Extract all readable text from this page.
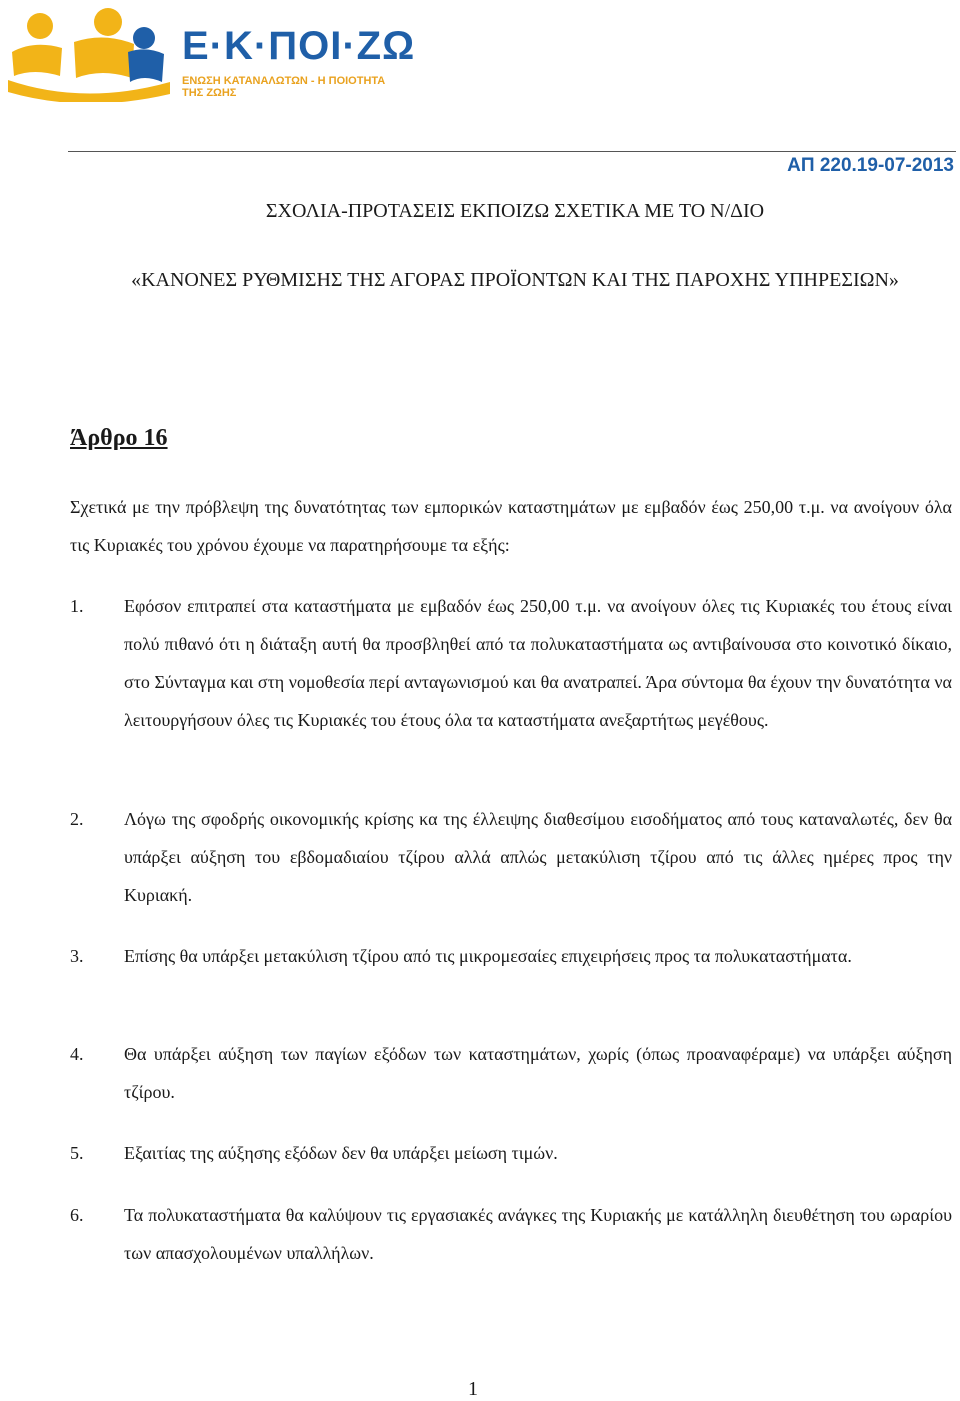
Ε·Κ·ΠΟΙ·ΖΩ
ΕΝΩΣΗ ΚΑΤΑΝΑΛΩΤΩΝ - Η ΠΟΙΟΤΗΤΑ ΤΗΣ ΖΩΗΣ
ΑΠ 220.19-07-2013
ΣΧΟΛΙΑ-ΠΡΟΤΑΣΕΙΣ ΕΚΠΟΙΖΩ ΣΧΕΤΙΚΑ ΜΕ ΤΟ Ν/ΔΙΟ
«ΚΑΝΟΝΕΣ ΡΥΘΜΙΣΗΣ ΤΗΣ ΑΓΟΡΑΣ ΠΡΟΪΟΝΤΩΝ ΚΑΙ ΤΗΣ ΠΑΡΟΧΗΣ ΥΠΗΡΕΣΙΩΝ»
Άρθρο 16
Σχετικά με την πρόβλεψη της δυνατότητας των εμπορικών καταστημάτων με εμβαδόν έως 250,00 τ.μ. να ανοίγουν όλα τις Κυριακές του χρόνου έχουμε να παρατηρήσουμε τα εξής:
1. Εφόσον επιτραπεί στα καταστήματα με εμβαδόν έως 250,00 τ.μ. να ανοίγουν όλες τις Κυριακές του έτους είναι πολύ πιθανό ότι η διάταξη αυτή θα προσβληθεί από τα πολυκαταστήματα ως αντιβαίνουσα στο κοινοτικό δίκαιο, στο Σύνταγμα και στη νομοθεσία περί ανταγωνισμού και θα ανατραπεί. Άρα σύντομα θα έχουν την δυνατότητα να λειτουργήσουν όλες τις Κυριακές του έτους όλα τα καταστήματα ανεξαρτήτως μεγέθους.
2. Λόγω της σφοδρής οικονομικής κρίσης κα της έλλειψης διαθεσίμου εισοδήματος από τους καταναλωτές, δεν θα υπάρξει αύξηση του εβδομαδιαίου τζίρου αλλά απλώς μετακύλιση τζίρου από τις άλλες ημέρες προς την Κυριακή.
3. Επίσης θα υπάρξει μετακύλιση τζίρου από τις μικρομεσαίες επιχειρήσεις προς τα πολυκαταστήματα.
4. Θα υπάρξει αύξηση των παγίων εξόδων των καταστημάτων, χωρίς (όπως προαναφέραμε) να υπάρξει αύξηση τζίρου.
5. Εξαιτίας της αύξησης εξόδων δεν θα υπάρξει μείωση τιμών.
6. Τα πολυκαταστήματα θα καλύψουν τις εργασιακές ανάγκες της Κυριακής με κατάλληλη διευθέτηση του ωραρίου των απασχολουμένων υπαλλήλων.
1
